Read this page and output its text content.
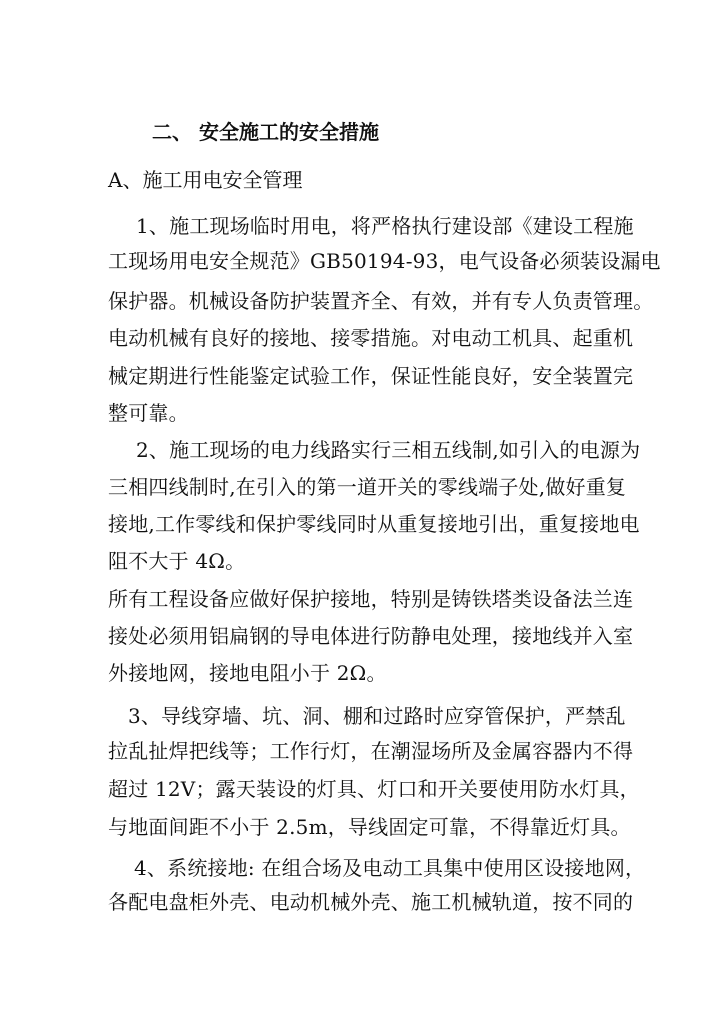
二、 安全施工的安全措施
A、施工用电安全管理
1、施工现场临时用电，将严格执行建设部《建设工程施
工现场用电安全规范》GB50194-93，电气设备必须装设漏电
保护器。机械设备防护装置齐全、有效，并有专人负责管理。
电动机械有良好的接地、接零措施。对电动工机具、起重机
械定期进行性能鉴定试验工作，保证性能良好，安全装置完
整可靠。
2、施工现场的电力线路实行三相五线制,如引入的电源为
三相四线制时,在引入的第一道开关的零线端子处,做好重复
接地,工作零线和保护零线同时从重复接地引出，重复接地电
阻不大于 4Ω。
所有工程设备应做好保护接地，特别是铸铁塔类设备法兰连
接处必须用铝扁钢的导电体进行防静电处理，接地线并入室
外接地网，接地电阻小于 2Ω。
3、导线穿墙、坑、洞、棚和过路时应穿管保护，严禁乱
拉乱扯焊把线等；工作行灯，在潮湿场所及金属容器内不得
超过 12V；露天装设的灯具、灯口和开关要使用防水灯具，
与地面间距不小于 2.5m，导线固定可靠，不得靠近灯具。
4、系统接地: 在组合场及电动工具集中使用区设接地网，
各配电盘柜外壳、电动机械外壳、施工机械轨道，按不同的
